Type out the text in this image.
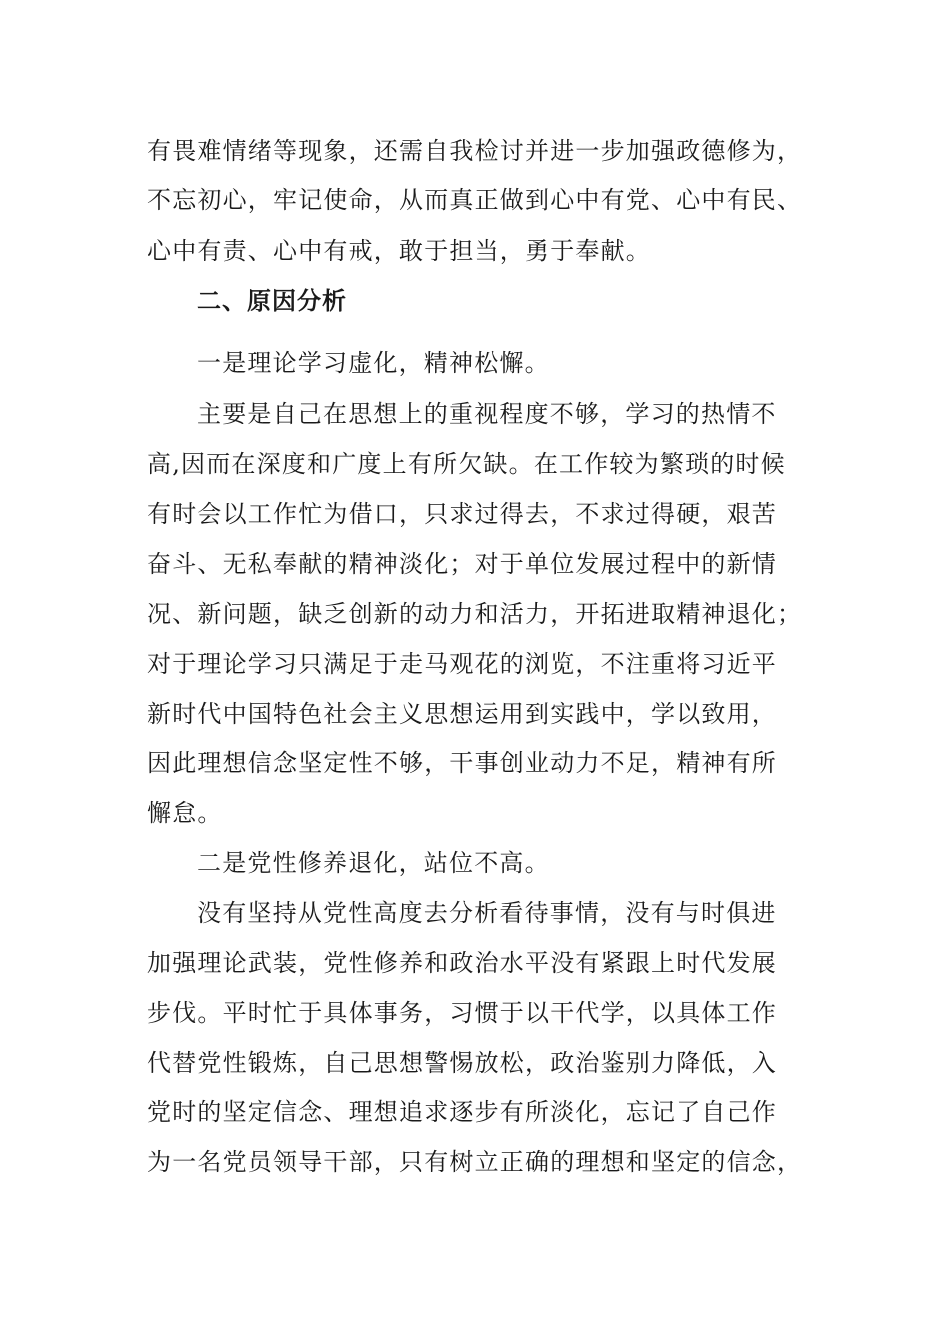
有畏难情绪等现象，还需自我检讨并进一步加强政德修为，
不忘初心，牢记使命，从而真正做到心中有党、心中有民、
心中有责、心中有戒，敢于担当，勇于奉献。
二、原因分析
一是理论学习虚化，精神松懈。
主要是自己在思想上的重视程度不够，学习的热情不
高,因而在深度和广度上有所欠缺。在工作较为繁琐的时候
有时会以工作忙为借口，只求过得去，不求过得硬，艰苦
奋斗、无私奉献的精神淡化；对于单位发展过程中的新情
况、新问题，缺乏创新的动力和活力，开拓进取精神退化；
对于理论学习只满足于走马观花的浏览，不注重将习近平
新时代中国特色社会主义思想运用到实践中，学以致用，
因此理想信念坚定性不够，干事创业动力不足，精神有所
懈怠。
二是党性修养退化，站位不高。
没有坚持从党性高度去分析看待事情，没有与时俱进
加强理论武装，党性修养和政治水平没有紧跟上时代发展
步伐。平时忙于具体事务，习惯于以干代学，以具体工作
代替党性锻炼，自己思想警惕放松，政治鉴别力降低，入
党时的坚定信念、理想追求逐步有所淡化，忘记了自己作
为一名党员领导干部，只有树立正确的理想和坚定的信念，
